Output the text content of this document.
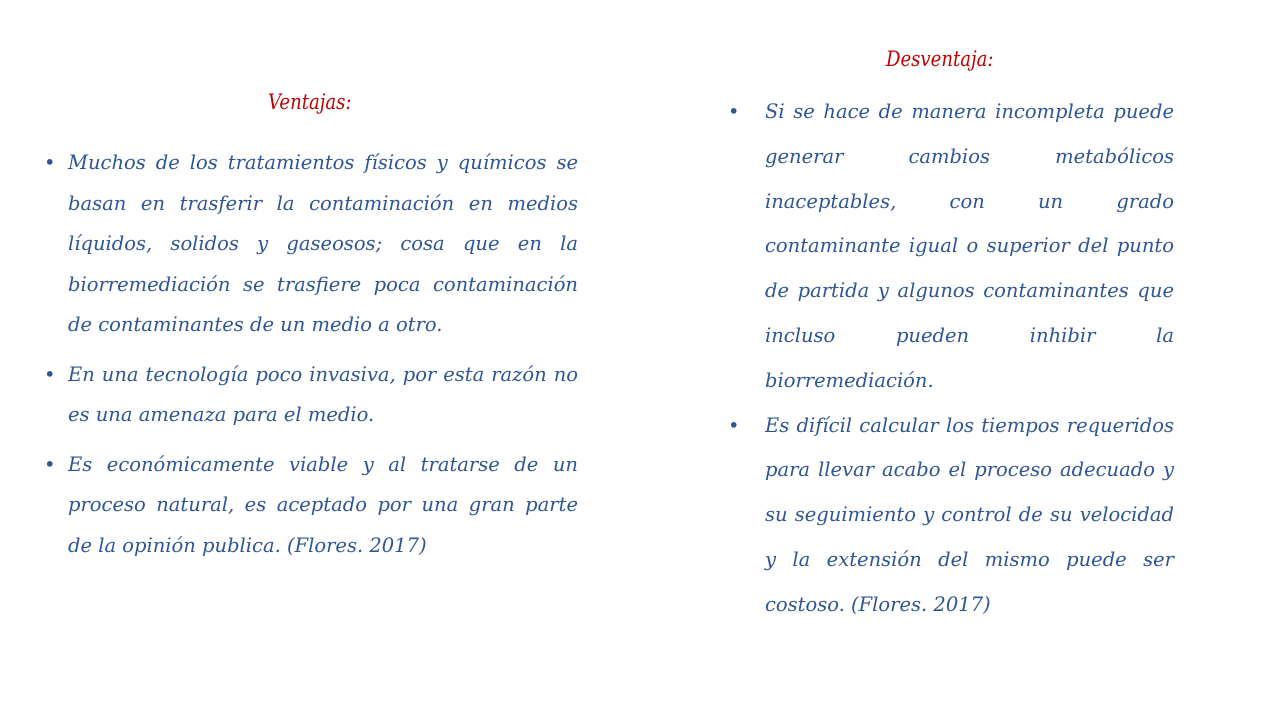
Ventajas:
• Muchos de los tratamientos físicos y químicos se basan en trasferir la contaminación en medios líquidos, solidos y gaseosos; cosa que en la biorremediación se trasfiere poca contaminación de contaminantes de un medio a otro.
• En una tecnología poco invasiva, por esta razón no es una amenaza para el medio.
• Es económicamente viable y al tratarse de un proceso natural, es aceptado por una gran parte de la opinión publica. (Flores. 2017)
Desventaja:
• Si se hace de manera incompleta puede generar cambios metabólicos inaceptables, con un grado contaminante igual o superior del punto de partida y algunos contaminantes que incluso pueden inhibir la biorremediación.
• Es difícil calcular los tiempos requeridos para llevar acabo el proceso adecuado y su seguimiento y control de su velocidad y la extensión del mismo puede ser costoso. (Flores. 2017)
